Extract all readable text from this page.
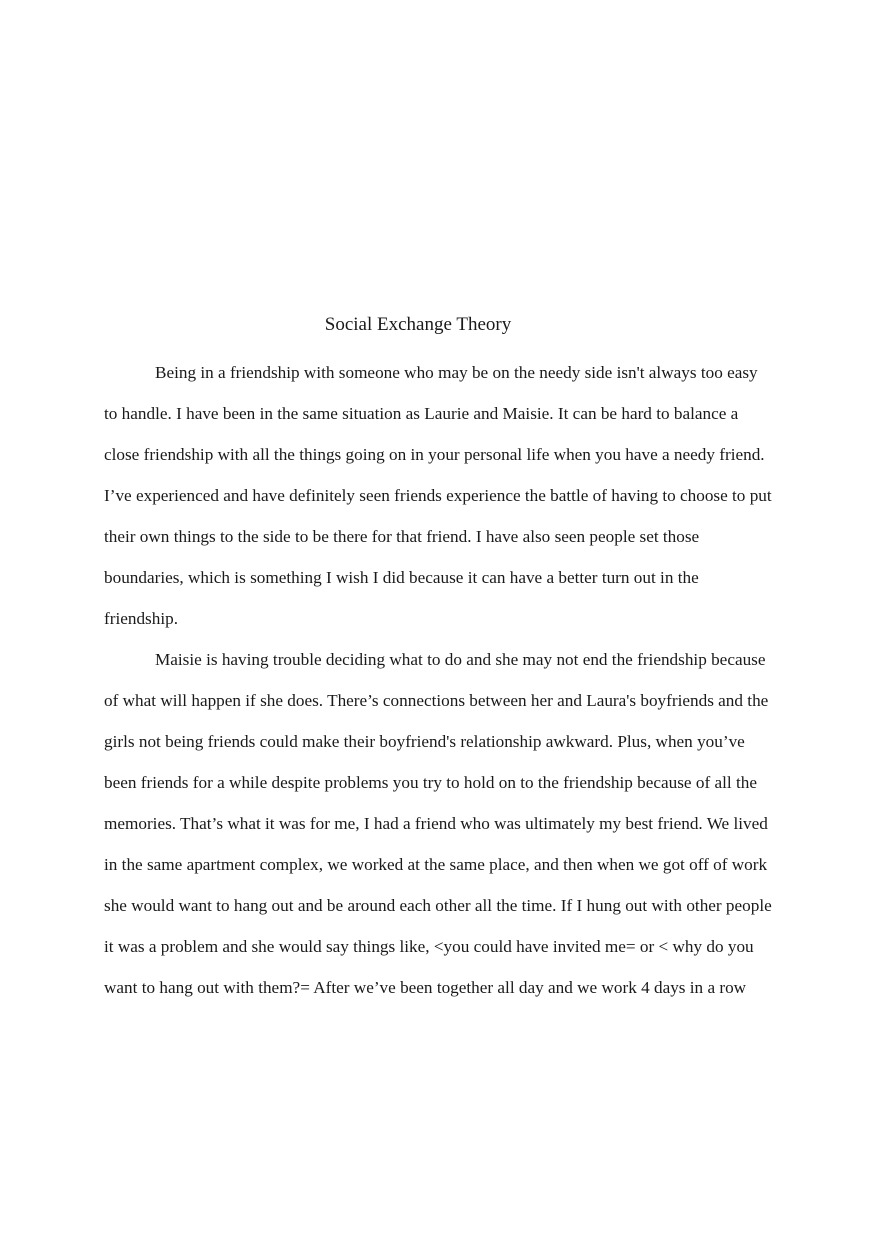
Social Exchange Theory

Being in a friendship with someone who may be on the needy side isn't always too easy

to handle. I have been in the same situation as Laurie and Maisie. It can be hard to balance a

close friendship with all the things going on in your personal life when you have a needy friend.

I’ve experienced and have definitely seen friends experience the battle of having to choose to put

their own things to the side to be there for that friend. I have also seen people set those

boundaries, which is something I wish I did because it can have a better turn out in the

friendship.

Maisie is having trouble deciding what to do and she may not end the friendship because

of what will happen if she does. There’s connections between her and Laura's boyfriends and the

girls not being friends could make their boyfriend's relationship awkward. Plus, when you’ve

been friends for a while despite problems you try to hold on to the friendship because of all the

memories. That’s what it was for me, I had a friend who was ultimately my best friend. We lived

in the same apartment complex, we worked at the same place, and then when we got off of work

she would want to hang out and be around each other all the time. If I hung out with other people

it was a problem and she would say things like, <you could have invited me= or < why do you

want to hang out with them?= After we’ve been together all day and we work 4 days in a row
